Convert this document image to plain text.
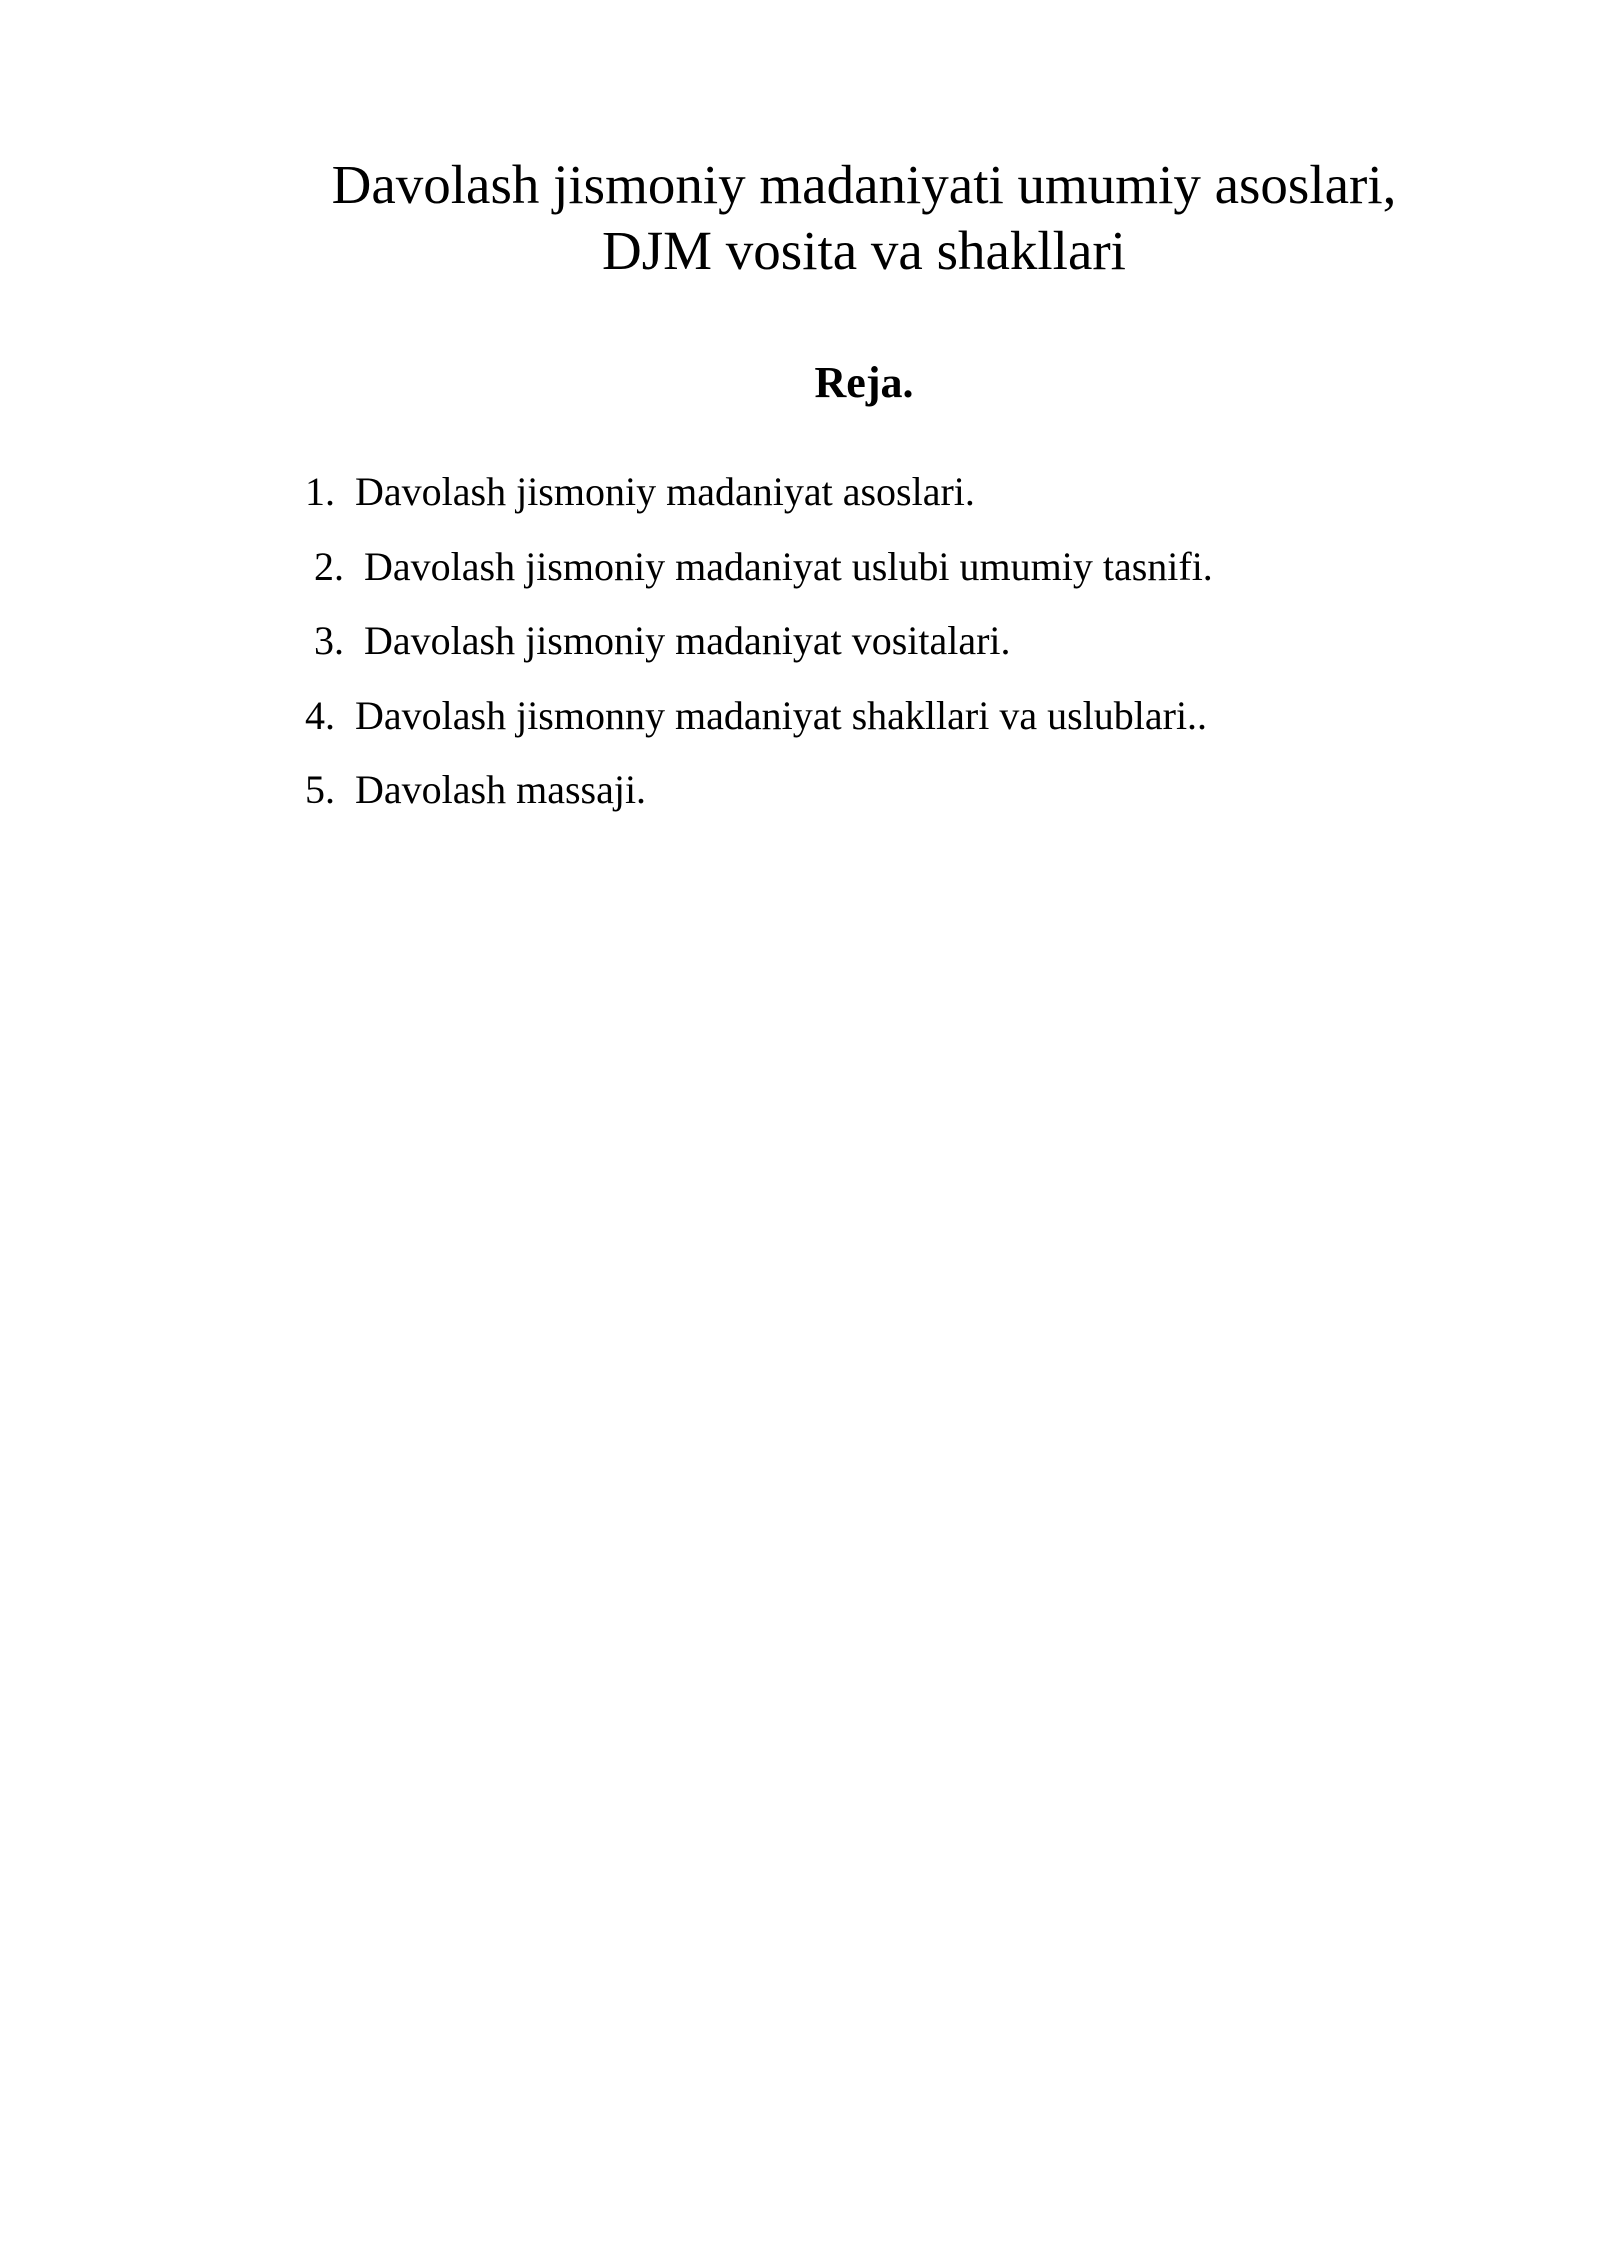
Davolash jismoniy madaniyati umumiy asoslari,
DJM vosita va shakllari
Reja.
1.  Davolash jismoniy madaniyat asoslari.
2.  Davolash jismoniy madaniyat uslubi umumiy tasnifi.
3.  Davolash jismoniy madaniyat vositalari.
4.  Davolash jismonny madaniyat shakllari va uslublari..
5.  Davolash massaji.
